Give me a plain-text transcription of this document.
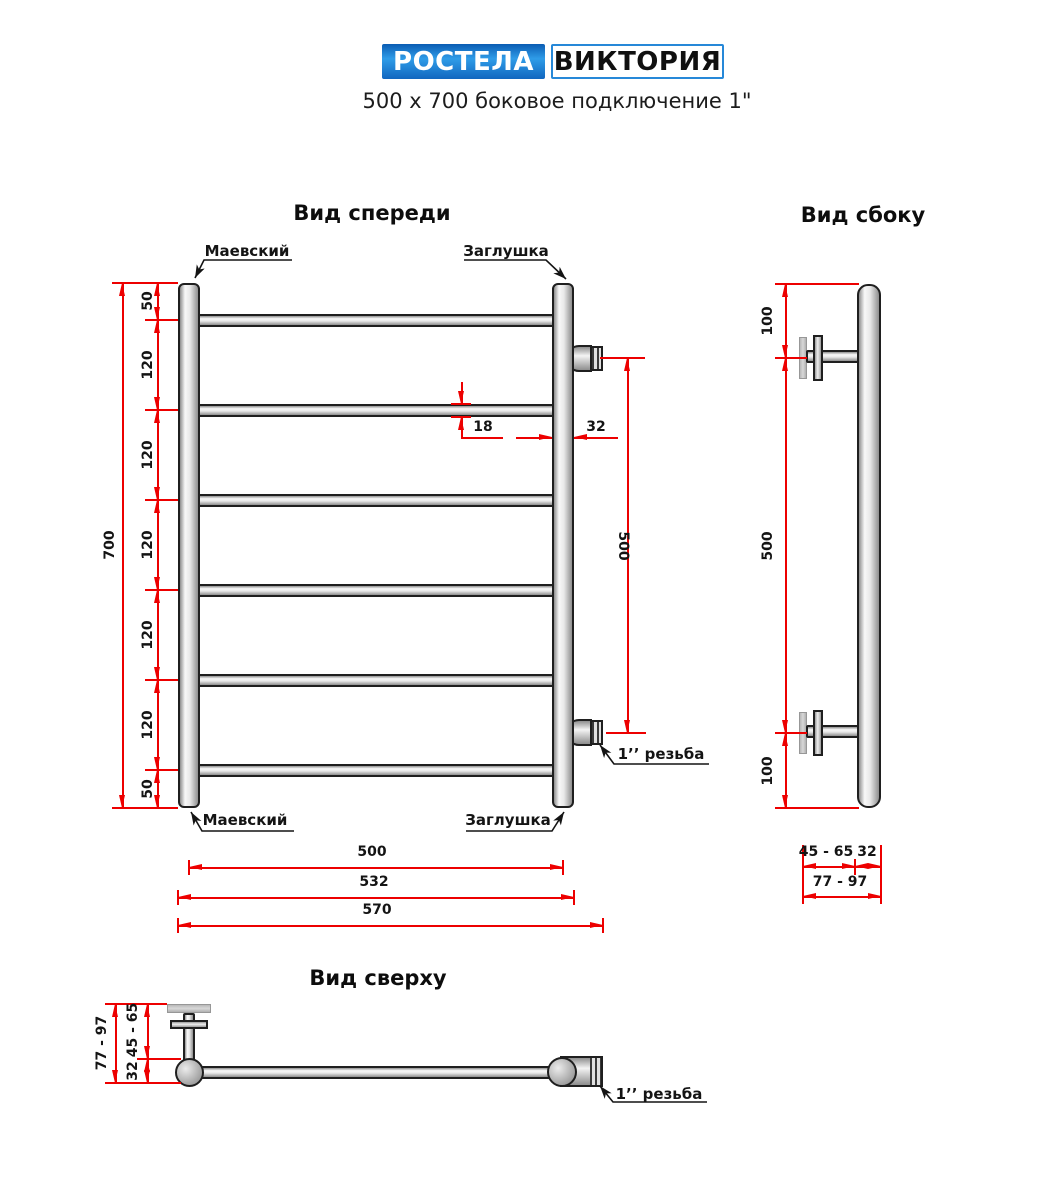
РОСТЕЛА ВИКТОРИЯ
500 x 700 боковое подключение 1"
Вид спереди
700
50
120
120
120
120
120
50
18	32
500
500
532
570
Маевский	Заглушка
Маевский	Заглушка
1’’ резьба
Вид сбоку
100
500
100
45 - 65 32
77 - 97
Вид сверху
77 - 97 45 - 65
32
1’’ резьба
